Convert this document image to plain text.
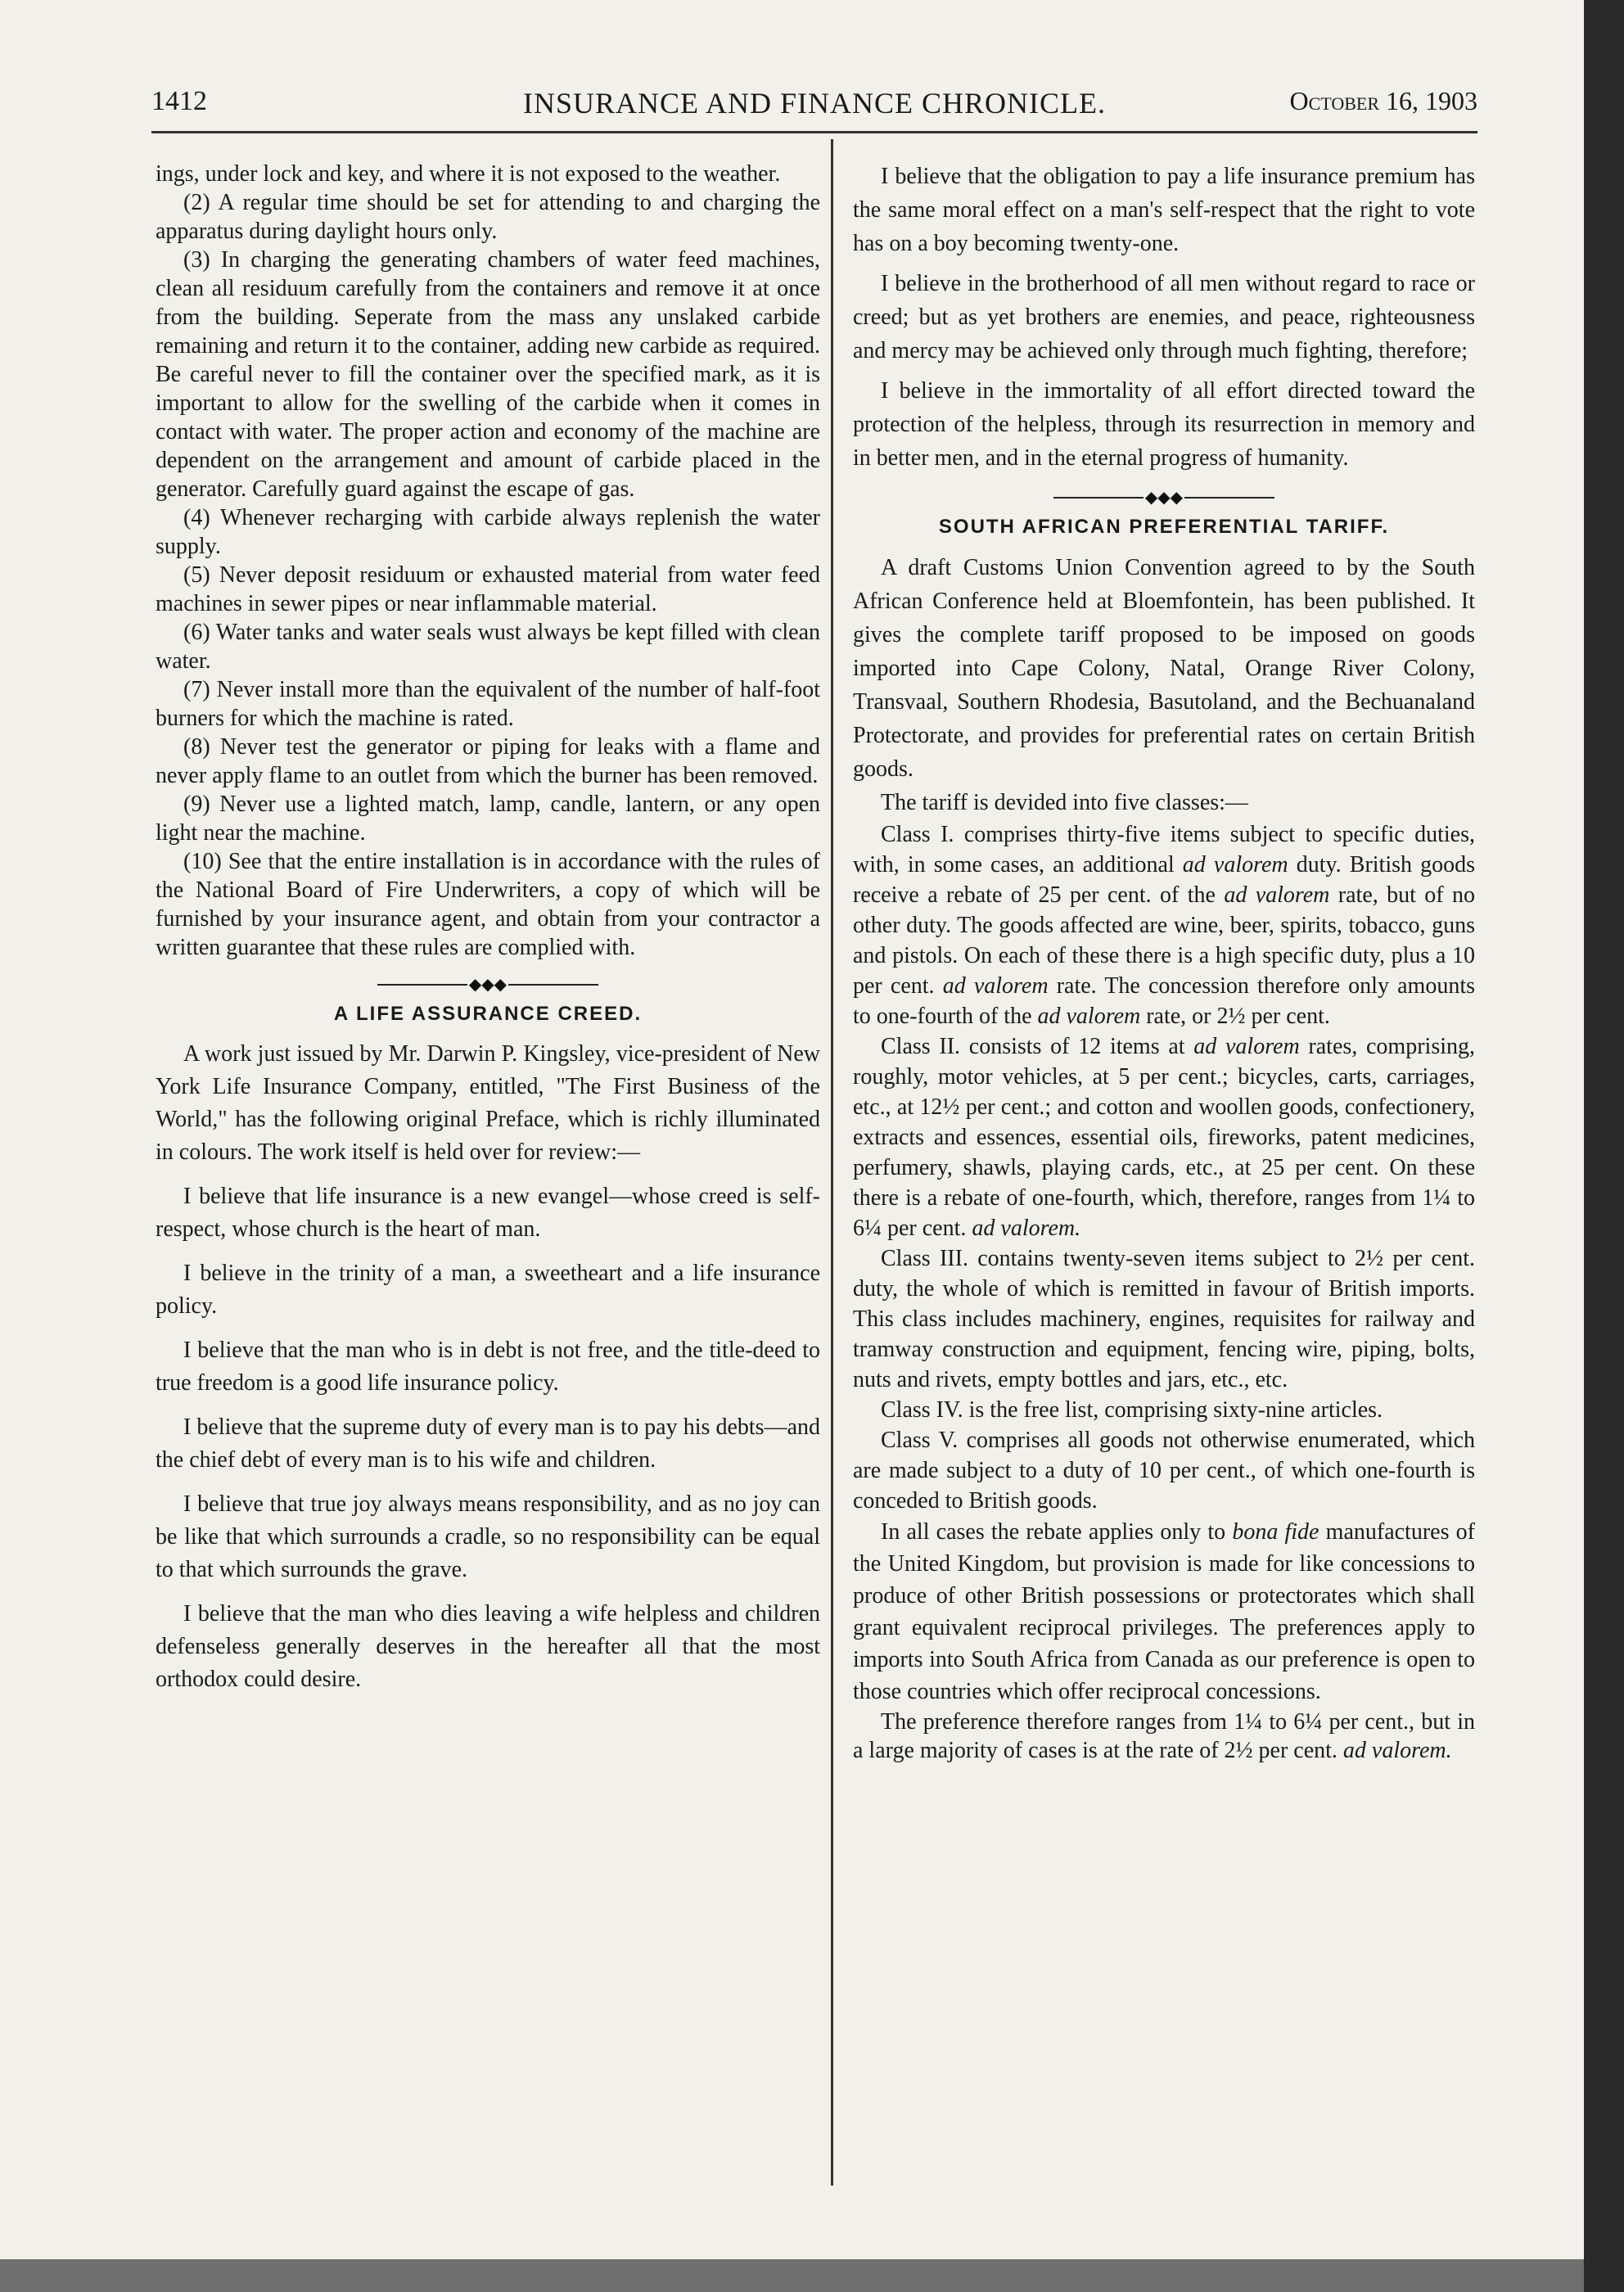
1412	INSURANCE AND FINANCE CHRONICLE.	October 16, 1903

ings, under lock and key, and where it is not exposed to the weather.

(2) A regular time should be set for attending to and charging the apparatus during daylight hours only.

(3) In charging the generating chambers of water feed machines, clean all residuum carefully from the containers and remove it at once from the building. Seperate from the mass any unslaked carbide remaining and return it to the container, adding new carbide as required. Be careful never to fill the container over the specified mark, as it is important to allow for the swelling of the carbide when it comes in contact with water. The proper action and economy of the machine are dependent on the arrangement and amount of carbide placed in the generator. Carefully guard against the escape of gas.

(4) Whenever recharging with carbide always replenish the water supply.

(5) Never deposit residuum or exhausted material from water feed machines in sewer pipes or near inflammable material.

(6) Water tanks and water seals wust always be kept filled with clean water.

(7) Never install more than the equivalent of the number of half-foot burners for which the machine is rated.

(8) Never test the generator or piping for leaks with a flame and never apply flame to an outlet from which the burner has been removed.

(9) Never use a lighted match, lamp, candle, lantern, or any open light near the machine.

(10) See that the entire installation is in accordance with the rules of the National Board of Fire Underwriters, a copy of which will be furnished by your insurance agent, and obtain from your contractor a written guarantee that these rules are complied with.

◆◆◆

A LIFE ASSURANCE CREED.

A work just issued by Mr. Darwin P. Kingsley, vice-president of New York Life Insurance Company, entitled, "The First Business of the World," has the following original Preface, which is richly illuminated in colours. The work itself is held over for review:—

I believe that life insurance is a new evangel—whose creed is self-respect, whose church is the heart of man.

I believe in the trinity of a man, a sweetheart and a life insurance policy.

I believe that the man who is in debt is not free, and the title-deed to true freedom is a good life insurance policy.

I believe that the supreme duty of every man is to pay his debts—and the chief debt of every man is to his wife and children.

I believe that true joy always means responsibility, and as no joy can be like that which surrounds a cradle, so no responsibility can be equal to that which surrounds the grave.

I believe that the man who dies leaving a wife helpless and children defenseless generally deserves in the hereafter all that the most orthodox could desire.

I believe that the obligation to pay a life insurance premium has the same moral effect on a man's self-respect that the right to vote has on a boy becoming twenty-one.

I believe in the brotherhood of all men without regard to race or creed; but as yet brothers are enemies, and peace, righteousness and mercy may be achieved only through much fighting, therefore;

I believe in the immortality of all effort directed toward the protection of the helpless, through its resurrection in memory and in better men, and in the eternal progress of humanity.

◆◆◆

SOUTH AFRICAN PREFERENTIAL TARIFF.

A draft Customs Union Convention agreed to by the South African Conference held at Bloemfontein, has been published. It gives the complete tariff proposed to be imposed on goods imported into Cape Colony, Natal, Orange River Colony, Transvaal, Southern Rhodesia, Basutoland, and the Bechuanaland Protectorate, and provides for preferential rates on certain British goods.

The tariff is devided into five classes:—

Class I. comprises thirty-five items subject to specific duties, with, in some cases, an additional ad valorem duty. British goods receive a rebate of 25 per cent. of the ad valorem rate, but of no other duty. The goods affected are wine, beer, spirits, tobacco, guns and pistols. On each of these there is a high specific duty, plus a 10 per cent. ad valorem rate. The concession therefore only amounts to one-fourth of the ad valorem rate, or 2½ per cent.

Class II. consists of 12 items at ad valorem rates, comprising, roughly, motor vehicles, at 5 per cent.; bicycles, carts, carriages, etc., at 12½ per cent.; and cotton and woollen goods, confectionery, extracts and essences, essential oils, fireworks, patent medicines, perfumery, shawls, playing cards, etc., at 25 per cent. On these there is a rebate of one-fourth, which, therefore, ranges from 1¼ to 6¼ per cent. ad valorem.

Class III. contains twenty-seven items subject to 2½ per cent. duty, the whole of which is remitted in favour of British imports. This class includes machinery, engines, requisites for railway and tramway construction and equipment, fencing wire, piping, bolts, nuts and rivets, empty bottles and jars, etc., etc.

Class IV. is the free list, comprising sixty-nine articles.

Class V. comprises all goods not otherwise enumerated, which are made subject to a duty of 10 per cent., of which one-fourth is conceded to British goods.

In all cases the rebate applies only to bona fide manufactures of the United Kingdom, but provision is made for like concessions to produce of other British possessions or protectorates which shall grant equivalent reciprocal privileges. The preferences apply to imports into South Africa from Canada as our preference is open to those countries which offer reciprocal concessions.

The preference therefore ranges from 1¼ to 6¼ per cent., but in a large majority of cases is at the rate of 2½ per cent. ad valorem.
